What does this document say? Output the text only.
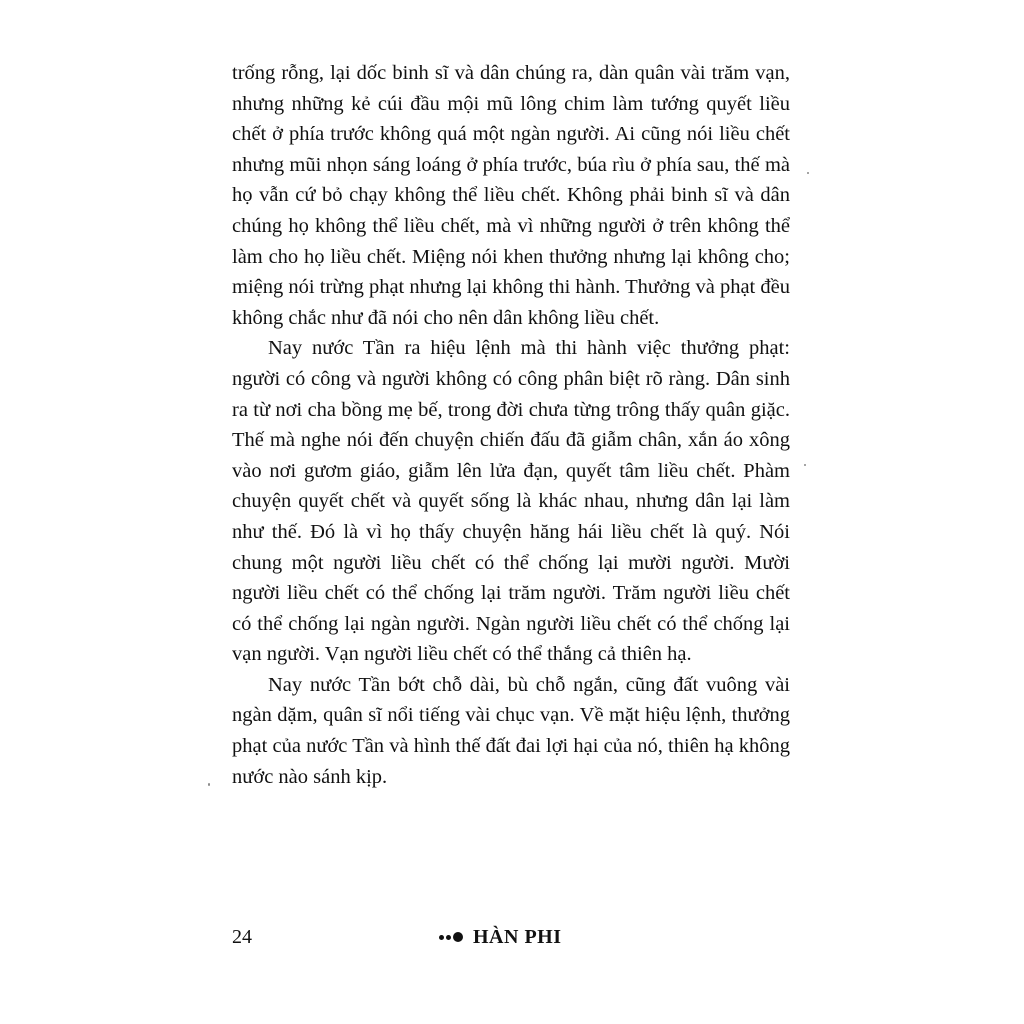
trống rỗng, lại dốc binh sĩ và dân chúng ra, dàn quân vài trăm vạn, nhưng những kẻ cúi đầu mội mũ lông chim làm tướng quyết liều chết ở phía trước không quá một ngàn người. Ai cũng nói liều chết nhưng mũi nhọn sáng loáng ở phía trước, búa rìu ở phía sau, thế mà họ vẫn cứ bỏ chạy không thể liều chết. Không phải binh sĩ và dân chúng họ không thể liều chết, mà vì những người ở trên không thể làm cho họ liều chết. Miệng nói khen thưởng nhưng lại không cho; miệng nói trừng phạt nhưng lại không thi hành. Thưởng và phạt đều không chắc như đã nói cho nên dân không liều chết.

Nay nước Tần ra hiệu lệnh mà thi hành việc thưởng phạt: người có công và người không có công phân biệt rõ ràng. Dân sinh ra từ nơi cha bồng mẹ bế, trong đời chưa từng trông thấy quân giặc. Thế mà nghe nói đến chuyện chiến đấu đã giẫm chân, xắn áo xông vào nơi gươm giáo, giẫm lên lửa đạn, quyết tâm liều chết. Phàm chuyện quyết chết và quyết sống là khác nhau, nhưng dân lại làm như thế. Đó là vì họ thấy chuyện hăng hái liều chết là quý. Nói chung một người liều chết có thể chống lại mười người. Mười người liều chết có thể chống lại trăm người. Trăm người liều chết có thể chống lại ngàn người. Ngàn người liều chết có thể chống lại vạn người. Vạn người liều chết có thể thắng cả thiên hạ.

Nay nước Tần bớt chỗ dài, bù chỗ ngắn, cũng đất vuông vài ngàn dặm, quân sĩ nổi tiếng vài chục vạn. Về mặt hiệu lệnh, thưởng phạt của nước Tần và hình thế đất đai lợi hại của nó, thiên hạ không nước nào sánh kịp.

24	HÀN PHI
